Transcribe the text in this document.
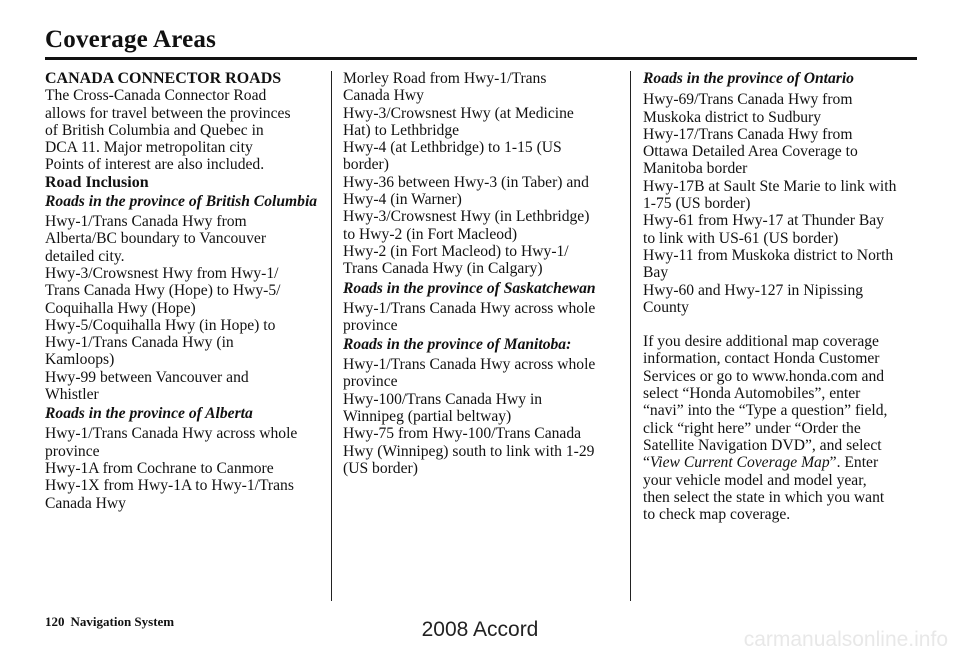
Coverage Areas

CANADA CONNECTOR ROADS

The Cross-Canada Connector Road
allows for travel between the provinces
of British Columbia and Quebec in
DCA 11. Major metropolitan city
Points of interest are also included.

Road Inclusion

Roads in the province of British Columbia

Hwy-1/Trans Canada Hwy from
Alberta/BC boundary to Vancouver
detailed city.
Hwy-3/Crowsnest Hwy from Hwy-1/
Trans Canada Hwy (Hope) to Hwy-5/
Coquihalla Hwy (Hope)
Hwy-5/Coquihalla Hwy (in Hope) to
Hwy-1/Trans Canada Hwy (in
Kamloops)
Hwy-99 between Vancouver and
Whistler

Roads in the province of Alberta

Hwy-1/Trans Canada Hwy across whole
province
Hwy-1A from Cochrane to Canmore
Hwy-1X from Hwy-1A to Hwy-1/Trans
Canada Hwy
Morley Road from Hwy-1/Trans
Canada Hwy
Hwy-3/Crowsnest Hwy (at Medicine
Hat) to Lethbridge
Hwy-4 (at Lethbridge) to 1-15 (US
border)
Hwy-36 between Hwy-3 (in Taber) and
Hwy-4 (in Warner)
Hwy-3/Crowsnest Hwy (in Lethbridge)
to Hwy-2 (in Fort Macleod)
Hwy-2 (in Fort Macleod) to Hwy-1/
Trans Canada Hwy (in Calgary)

Roads in the province of Saskatchewan

Hwy-1/Trans Canada Hwy across whole
province

Roads in the province of Manitoba:

Hwy-1/Trans Canada Hwy across whole
province
Hwy-100/Trans Canada Hwy in
Winnipeg (partial beltway)
Hwy-75 from Hwy-100/Trans Canada
Hwy (Winnipeg) south to link with 1-29
(US border)

Roads in the province of Ontario

Hwy-69/Trans Canada Hwy from
Muskoka district to Sudbury
Hwy-17/Trans Canada Hwy from
Ottawa Detailed Area Coverage to
Manitoba border
Hwy-17B at Sault Ste Marie to link with
1-75 (US border)
Hwy-61 from Hwy-17 at Thunder Bay
to link with US-61 (US border)
Hwy-11 from Muskoka district to North
Bay
Hwy-60 and Hwy-127 in Nipissing
County
If you desire additional map coverage
information, contact Honda Customer
Services or go to www.honda.com and
select “Honda Automobiles”, enter
“navi” into the “Type a question” field,
click “right here” under “Order the
Satellite Navigation DVD”, and select
“View Current Coverage Map”. Enter
your vehicle model and model year,
then select the state in which you want
to check map coverage.
120 Navigation System	2008 Accord	carmanualsonline.info
